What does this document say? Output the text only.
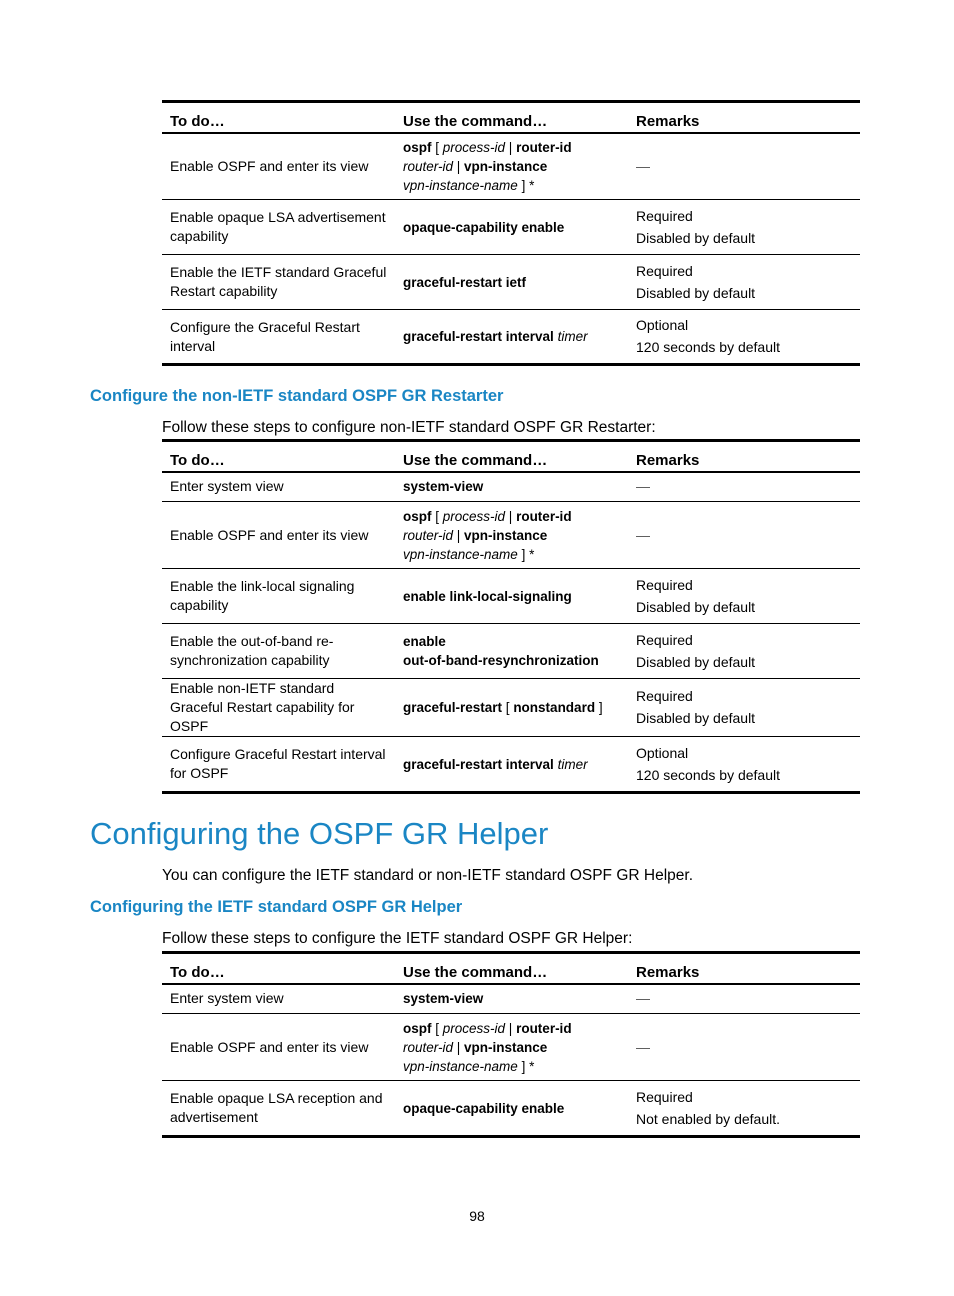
To do…	Use the command…	Remarks
Enable OSPF and enter its view	ospf [ process-id | router-id
router-id | vpn-instance
vpn-instance-name ] *	—

Enable opaque LSA advertisement capability	opaque-capability enable	Required
Disabled by default

Enable the IETF standard Graceful Restart capability	graceful-restart ietf	Required
Disabled by default

Configure the Graceful Restart interval	graceful-restart interval timer	Optional
120 seconds by default
Configure the non-IETF standard OSPF GR Restarter

Follow these steps to configure non-IETF standard OSPF GR Restarter:

To do…	Use the command…	Remarks
Enter system view	system-view	—

Enable OSPF and enter its view	ospf [ process-id | router-id
router-id | vpn-instance
vpn-instance-name ] *	—

Enable the link-local signaling capability	enable link-local-signaling	Required
Disabled by default

Enable the out-of-band re-synchronization capability	enable
out-of-band-resynchronization	Required
Disabled by default

Enable non-IETF standard Graceful Restart capability for OSPF	graceful-restart [ nonstandard ]	Required
Disabled by default

Configure Graceful Restart interval for OSPF	graceful-restart interval timer	Optional
120 seconds by default
Configuring the OSPF GR Helper

You can configure the IETF standard or non-IETF standard OSPF GR Helper.

Configuring the IETF standard OSPF GR Helper

Follow these steps to configure the IETF standard OSPF GR Helper:

To do…	Use the command…	Remarks
Enter system view	system-view	—

Enable OSPF and enter its view	ospf [ process-id | router-id
router-id | vpn-instance
vpn-instance-name ] *	—

Enable opaque LSA reception and advertisement	opaque-capability enable	Required
Not enabled by default.
98
